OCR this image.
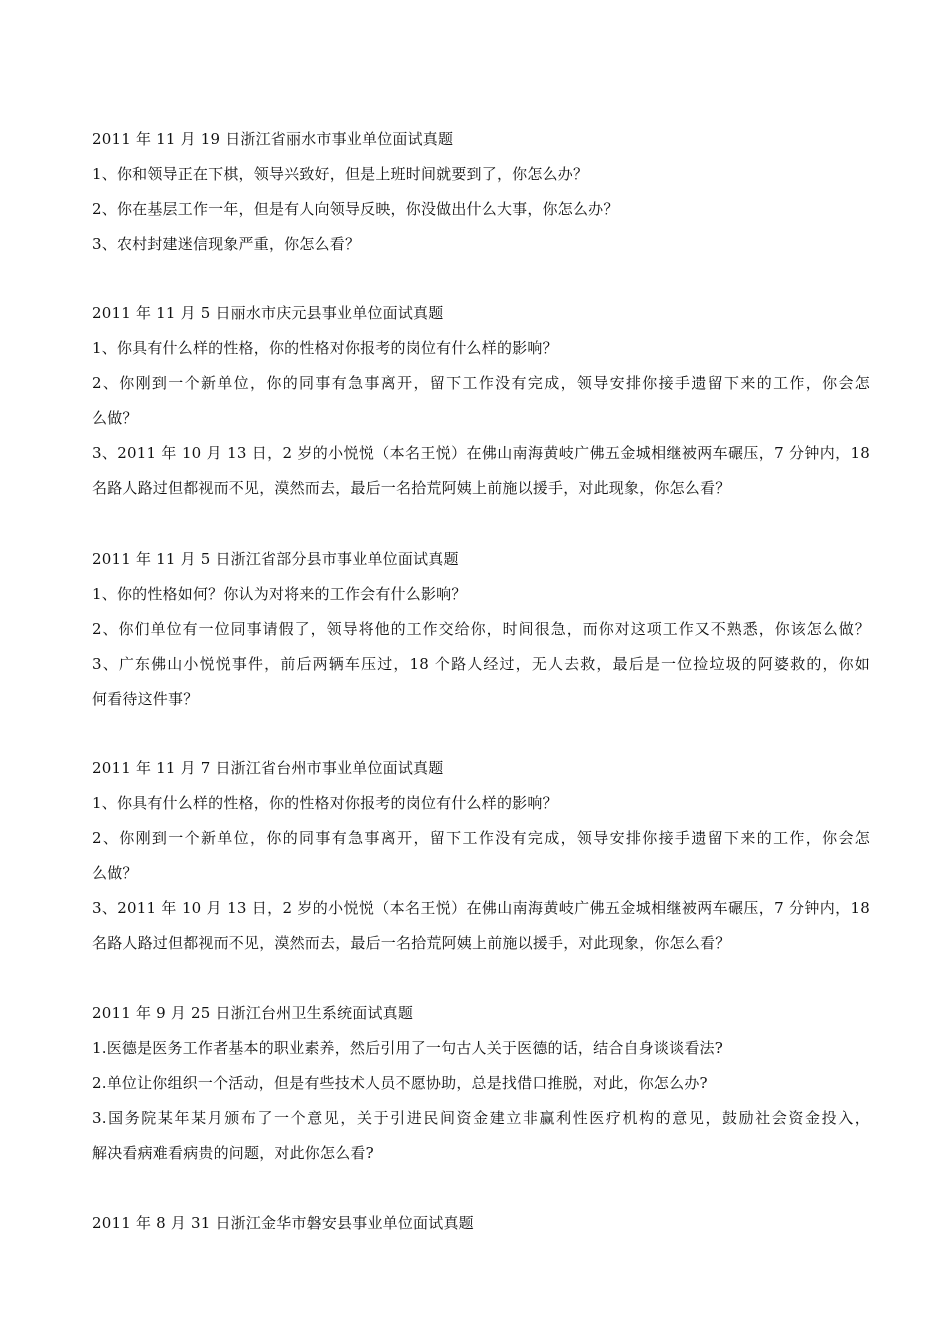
2011 年 11 月 19 日浙江省丽水市事业单位面试真题
1、你和领导正在下棋，领导兴致好，但是上班时间就要到了，你怎么办？
2、你在基层工作一年，但是有人向领导反映，你没做出什么大事，你怎么办？
3、农村封建迷信现象严重，你怎么看？
2011 年 11 月 5 日丽水市庆元县事业单位面试真题
1、你具有什么样的性格，你的性格对你报考的岗位有什么样的影响？
2、你刚到一个新单位，你的同事有急事离开，留下工作没有完成，领导安排你接手遗留下来的工作，你会怎
么做？
3、2011 年 10 月 13 日，2 岁的小悦悦（本名王悦）在佛山南海黄岐广佛五金城相继被两车碾压，7 分钟内，18
名路人路过但都视而不见，漠然而去，最后一名拾荒阿姨上前施以援手，对此现象，你怎么看？
2011 年 11 月 5 日浙江省部分县市事业单位面试真题
1、你的性格如何？你认为对将来的工作会有什么影响？
2、你们单位有一位同事请假了，领导将他的工作交给你，时间很急，而你对这项工作又不熟悉，你该怎么做？
3、广东佛山小悦悦事件，前后两辆车压过，18 个路人经过，无人去救，最后是一位捡垃圾的阿婆救的，你如
何看待这件事？
2011 年 11 月 7 日浙江省台州市事业单位面试真题
1、你具有什么样的性格，你的性格对你报考的岗位有什么样的影响？
2、你刚到一个新单位，你的同事有急事离开，留下工作没有完成，领导安排你接手遗留下来的工作，你会怎
么做？
3、2011 年 10 月 13 日，2 岁的小悦悦（本名王悦）在佛山南海黄岐广佛五金城相继被两车碾压，7 分钟内，18
名路人路过但都视而不见，漠然而去，最后一名拾荒阿姨上前施以援手，对此现象，你怎么看？
2011 年 9 月 25 日浙江台州卫生系统面试真题
1.医德是医务工作者基本的职业素养，然后引用了一句古人关于医德的话，结合自身谈谈看法?
2.单位让你组织一个活动，但是有些技术人员不愿协助，总是找借口推脱，对此，你怎么办?
3.国务院某年某月颁布了一个意见，关于引进民间资金建立非赢利性医疗机构的意见，鼓励社会资金投入，
解决看病难看病贵的问题，对此你怎么看?
2011 年 8 月 31 日浙江金华市磐安县事业单位面试真题
